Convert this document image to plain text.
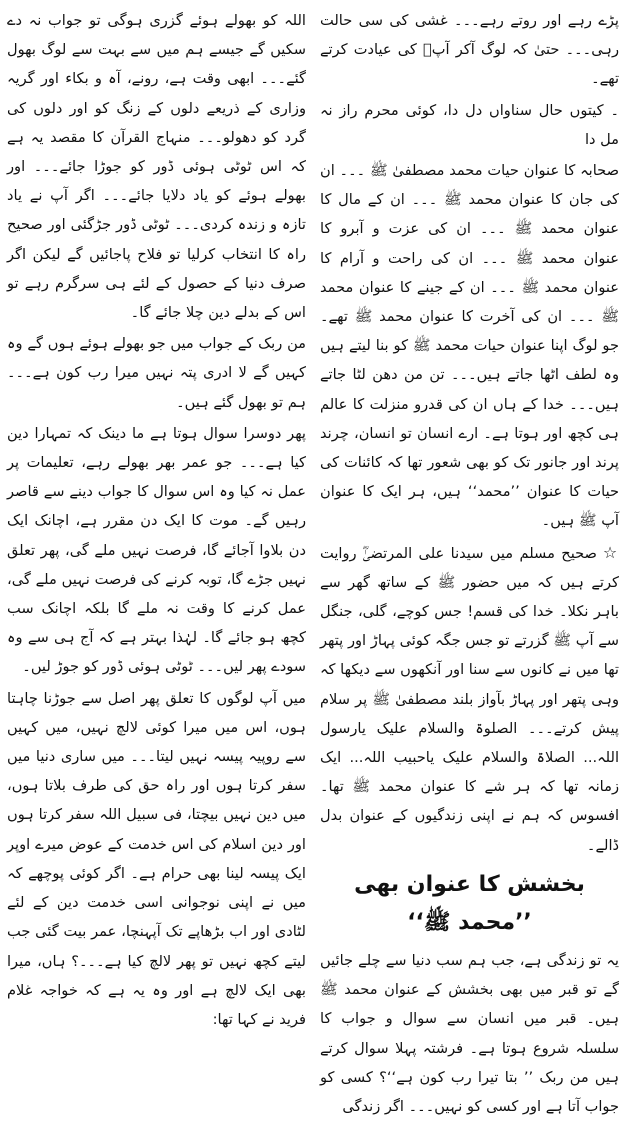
پڑے رہے اور روتے رہے۔۔۔ غشی کی سی حالت رہی۔۔۔ حتیٰ کہ لوگ آکر آپؐ کی عیادت کرتے تھے۔

۔ کیتوں حال سناواں دل دا، کوئی محرم راز نہ مل دا

صحابہ کا عنوان حیات محمد مصطفیٰ ﷺ ۔۔۔ ان کی جان کا عنوان محمد ﷺ ۔۔۔ ان کے مال کا عنوان محمد ﷺ ۔۔۔ ان کی عزت و آبرو کا عنوان محمد ﷺ ۔۔۔ ان کی راحت و آرام کا عنوان محمد ﷺ ۔۔۔ ان کے جینے کا عنوان محمد ﷺ ۔۔۔ ان کی آخرت کا عنوان محمد ﷺ تھے۔ جو لوگ اپنا عنوان حیات محمد ﷺ کو بنا لیتے ہیں وہ لطف اٹھا جاتے ہیں۔۔۔ تن من دھن لٹا جاتے ہیں۔۔۔ خدا کے ہاں ان کی قدرو منزلت کا عالم ہی کچھ اور ہوتا ہے۔ ارے انسان تو انسان، چرند پرند اور جانور تک کو بھی شعور تھا کہ کائنات کی حیات کا عنوان ’’محمد‘‘ ہیں، ہر ایک کا عنوان آپ ﷺ ہیں۔

☆صحیح مسلم میں سیدنا علی المرتضیٰؓ روایت کرتے ہیں کہ میں حضور ﷺ کے ساتھ گھر سے باہر نکلا۔ خدا کی قسم! جس کوچے، گلی، جنگل سے آپ ﷺ گزرتے تو جس جگہ کوئی پہاڑ اور پتھر تھا میں نے کانوں سے سنا اور آنکھوں سے دیکھا کہ وہی پتھر اور پہاڑ بآواز بلند مصطفیٰ ﷺ پر سلام پیش کرتے۔۔۔ الصلوۃ والسلام علیک یارسول اللہ... الصلاۃ والسلام علیک یاحبیب اللہ... ایک زمانہ تھا کہ ہر شے کا عنوان محمد ﷺ تھا۔ افسوس کہ ہم نے اپنی زندگیوں کے عنوان بدل ڈالے۔

بخشش کا عنوان بھی ’’محمد ﷺ‘‘

یہ تو زندگی ہے، جب ہم سب دنیا سے چلے جائیں گے تو قبر میں بھی بخشش کے عنوان محمد ﷺ ہیں۔ قبر میں انسان سے سوال و جواب کا سلسلہ شروع ہوتا ہے۔ فرشتہ پہلا سوال کرتے ہیں من ربک ’’ بتا تیرا رب کون ہے‘‘؟ کسی کو جواب آتا ہے اور کسی کو نہیں۔۔۔ اگر زندگی

اللہ کو بھولے ہوئے گزری ہوگی تو جواب نہ دے سکیں گے جیسے ہم میں سے بہت سے لوگ بھول گئے۔۔۔ ابھی وقت ہے، رونے، آہ و بکاء اور گریہ وزاری کے ذریعے دلوں کے زنگ کو اور دلوں کی گرد کو دھولو۔۔۔ منہاج القرآن کا مقصد یہ ہے کہ اس ٹوٹی ہوئی ڈور کو جوڑا جائے۔۔۔ اور بھولے ہوئے کو یاد دلایا جائے۔۔۔ اگر آپ نے یاد تازہ و زندہ کردی۔۔۔ ٹوٹی ڈور جڑگئی اور صحیح راہ کا انتخاب کرلیا تو فلاح پاجائیں گے لیکن اگر صرف دنیا کے حصول کے لئے ہی سرگرم رہے تو اس کے بدلے دین چلا جائے گا۔

من ربک کے جواب میں جو بھولے ہوئے ہوں گے وہ کہیں گے لا ادری پتہ نہیں میرا رب کون ہے۔۔۔ ہم تو بھول گئے ہیں۔

پھر دوسرا سوال ہوتا ہے ما دینک کہ تمہارا دین کیا ہے۔۔۔ جو عمر بھر بھولے رہے، تعلیمات پر عمل نہ کیا وہ اس سوال کا جواب دینے سے قاصر رہیں گے۔ موت کا ایک دن مقرر ہے، اچانک ایک دن بلاوا آجائے گا، فرصت نہیں ملے گی، پھر تعلق نہیں جڑے گا، توبہ کرنے کی فرصت نہیں ملے گی، عمل کرنے کا وقت نہ ملے گا بلکہ اچانک سب کچھ ہو جائے گا۔ لہٰذا بہتر ہے کہ آج ہی سے وہ سودے پھر لیں۔۔۔ ٹوٹی ہوئی ڈور کو جوڑ لیں۔

میں آپ لوگوں کا تعلق پھر اصل سے جوڑنا چاہتا ہوں، اس میں میرا کوئی لالچ نہیں، میں کہیں سے روپیہ پیسہ نہیں لیتا۔۔۔ میں ساری دنیا میں سفر کرتا ہوں اور راہ حق کی طرف بلاتا ہوں، میں دین نہیں بیچتا، فی سبیل اللہ سفر کرتا ہوں اور دین اسلام کی اس خدمت کے عوض میرے اوپر ایک پیسہ لینا بھی حرام ہے۔ اگر کوئی پوچھے کہ میں نے اپنی نوجوانی اسی خدمت دین کے لئے لٹادی اور اب بڑھاپے تک آپہنچا، عمر بیت گئی جب لیتے کچھ نہیں تو پھر لالچ کیا ہے۔۔۔؟ ہاں، میرا بھی ایک لالچ ہے اور وہ یہ ہے کہ خواجہ غلام فرید نے کہا تھا:
